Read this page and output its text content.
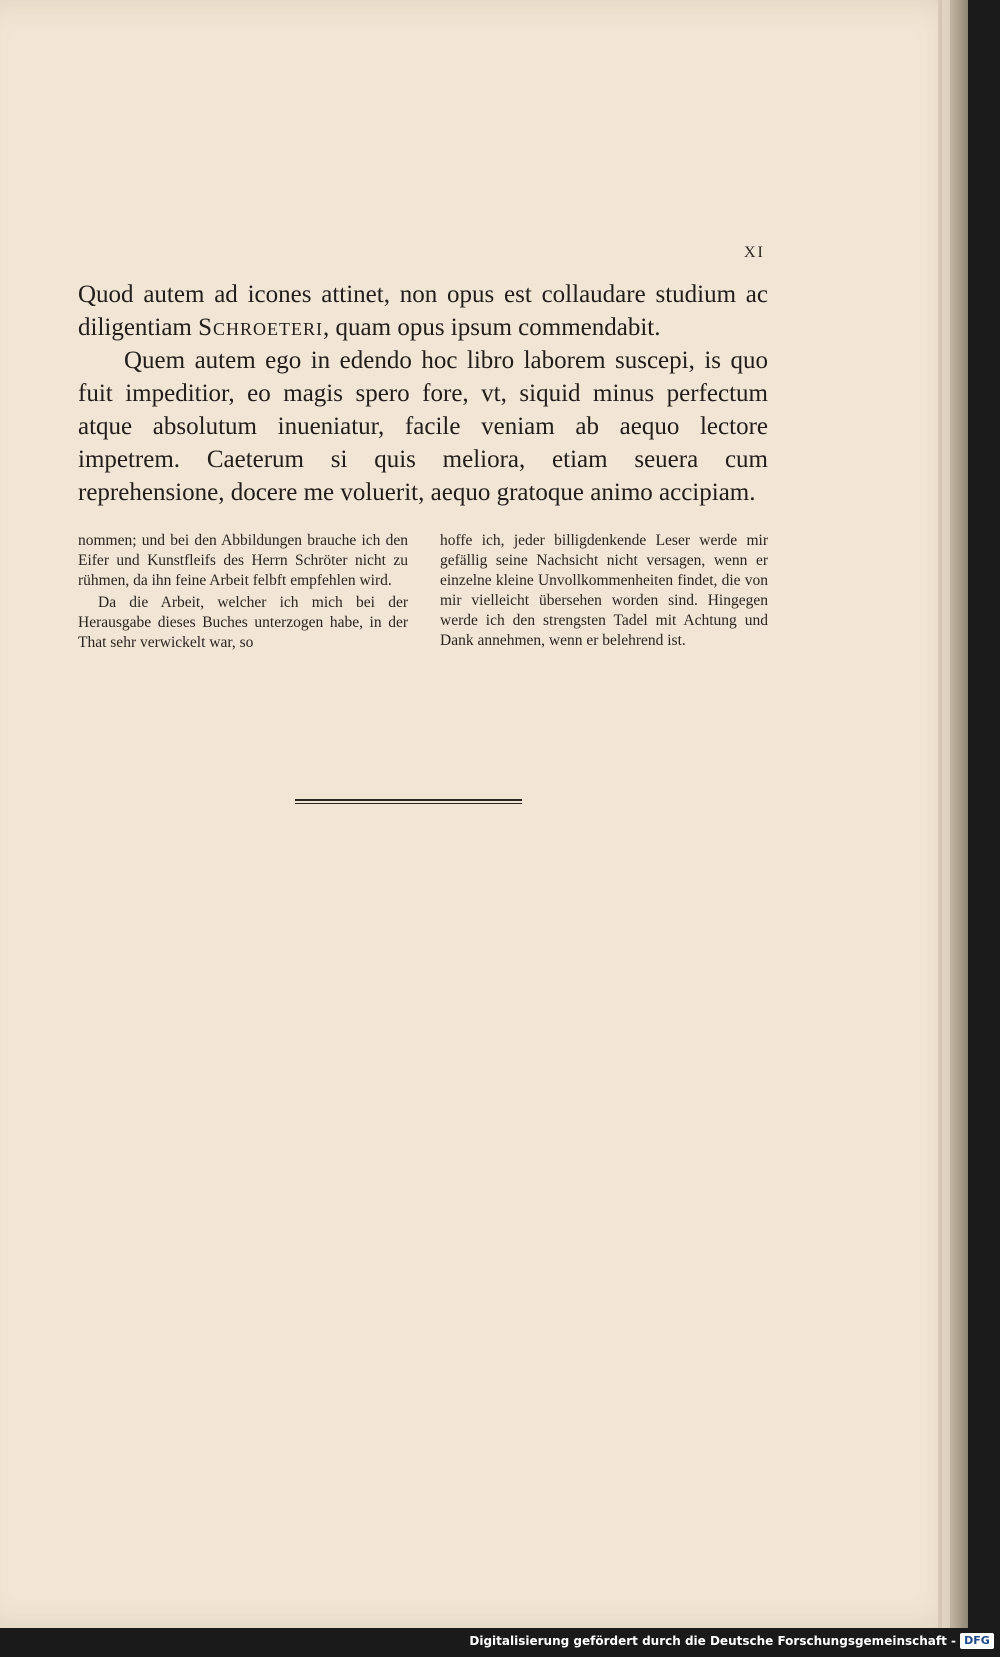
XI

Quod autem ad icones attinet, non opus est collaudare studium ac diligentiam Schroeteri, quam opus ipsum commendabit.

Quem autem ego in edendo hoc libro laborem suscepi, is quo fuit impeditior, eo magis spero fore, vt, siquid minus perfectum atque absolutum inueniatur, facile veniam ab aequo lectore impetrem. Caeterum si quis meliora, etiam seuera cum reprehensione, docere me voluerit, aequo gratoque animo accipiam.

nommen; und bei den Abbildungen brauche ich den Eifer und Kunstfleifs des Herrn Schröter nicht zu rühmen, da ihn feine Arbeit felbft empfehlen wird.

Da die Arbeit, welcher ich mich bei der Herausgabe dieses Buches unterzogen habe, in der That sehr verwickelt war, so

hoffe ich, jeder billigdenkende Leser werde mir gefällig seine Nachsicht nicht versagen, wenn er einzelne kleine Unvollkommenheiten findet, die von mir vielleicht übersehen worden sind. Hingegen werde ich den strengsten Tadel mit Achtung und Dank annehmen, wenn er belehrend ist.

Digitalisierung gefördert durch die Deutsche Forschungsgemeinschaft - DFG
